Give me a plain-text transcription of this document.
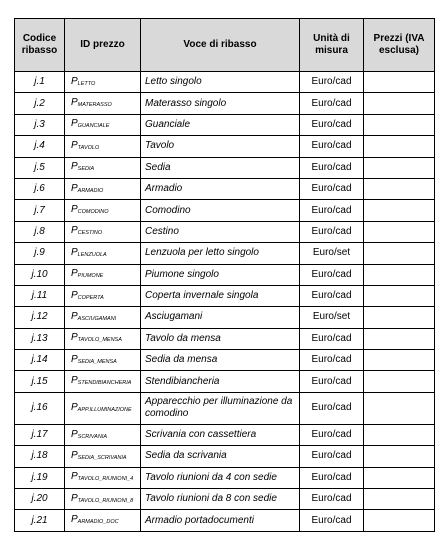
Codice ribasso	ID prezzo	Voce di ribasso	Unità di misura	Prezzi (IVA esclusa)
j.1	PLETTO	Letto singolo	Euro/cad	
j.2	PMATERASSO	Materasso singolo	Euro/cad	
j.3	PGUANCIALE	Guanciale	Euro/cad	
j.4	PTAVOLO	Tavolo	Euro/cad	
j.5	PSEDIA	Sedia	Euro/cad	
j.6	PARMADIO	Armadio	Euro/cad	
j.7	PCOMODINO	Comodino	Euro/cad	
j.8	PCESTINO	Cestino	Euro/cad	
j.9	PLENZUOLA	Lenzuola per letto singolo	Euro/set	
j.10	PPIUMONE	Piumone singolo	Euro/cad	
j.11	PCOPERTA	Coperta invernale singola	Euro/cad	
j.12	PASCIUGAMANI	Asciugamani	Euro/set	
j.13	PTAVOLO_MENSA	Tavolo da mensa	Euro/cad	
j.14	PSEDIA_MENSA	Sedia da mensa	Euro/cad	
j.15	PSTENDIBIANCHERIA	Stendibiancheria	Euro/cad	
j.16	PAPP.ILLUMINAZIONE	Apparecchio per illuminazione da comodino	Euro/cad	
j.17	PSCRIVANIA	Scrivania con cassettiera	Euro/cad	
j.18	PSEDIA_SCRIVANIA	Sedia da scrivania	Euro/cad	
j.19	PTAVOLO_RIUNIONI_4	Tavolo riunioni da 4 con sedie	Euro/cad	
j.20	PTAVOLO_RIUNIONI_8	Tavolo riunioni da 8 con sedie	Euro/cad	
j.21	PARMADIO_DOC	Armadio portadocumenti	Euro/cad	
